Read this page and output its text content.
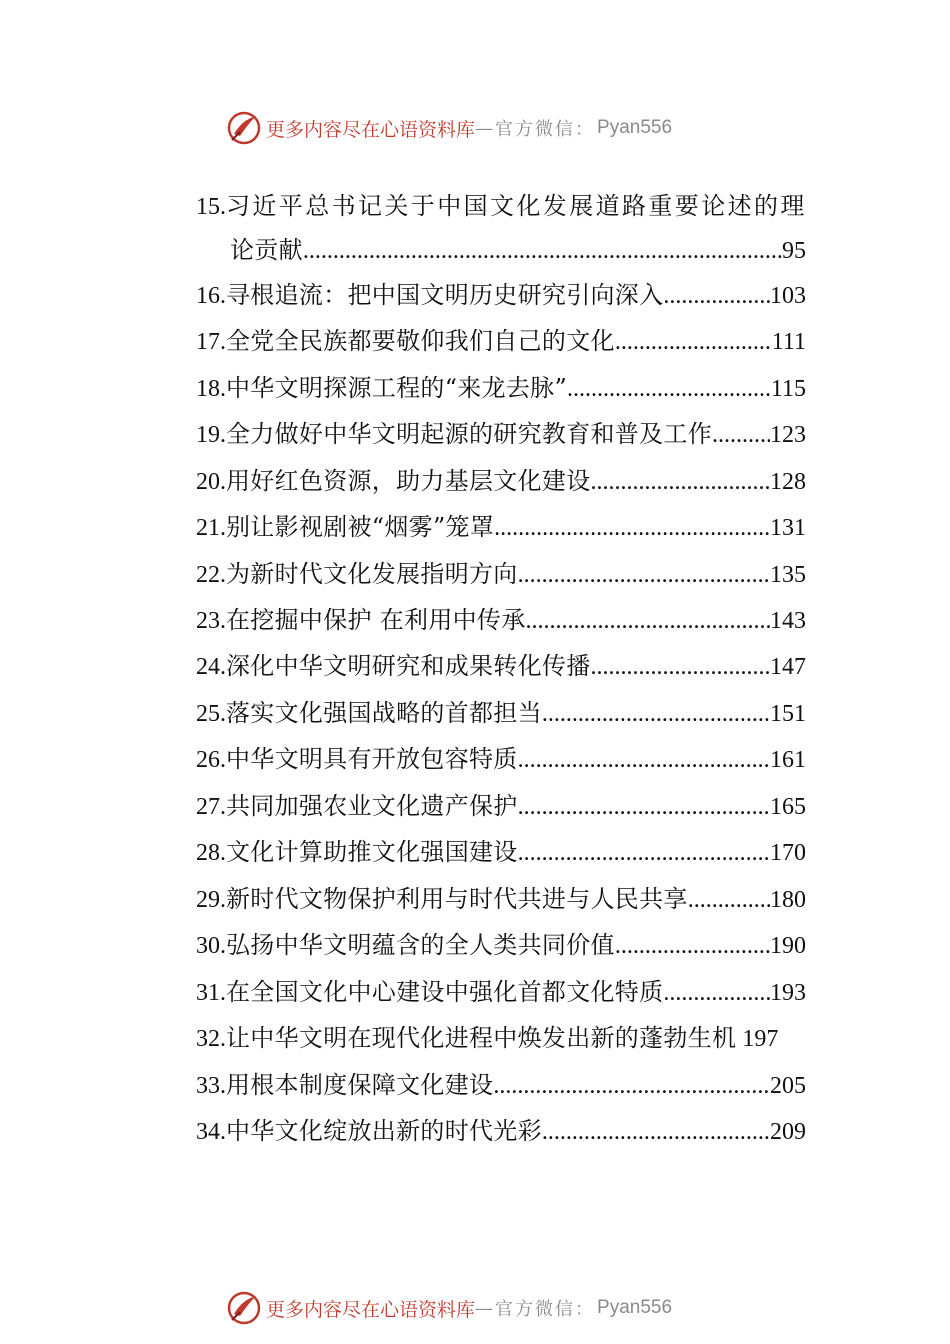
更多内容尽在心语资料库 — 官方微信： Pyan556
15. 习近平总书记关于中国文化发展道路重要论述的理
论贡献 .....	95
16. 寻根追流：把中国文明历史研究引向深入 .....	103
17. 全党全民族都要敬仰我们自己的文化 .....	111
18. 中华文明探源工程的“来龙去脉” .....	115
19. 全力做好中华文明起源的研究教育和普及工作 ..... 123
20. 用好红色资源，助力基层文化建设 .....	128
21. 别让影视剧被“烟雾”笼罩 .....	131
22. 为新时代文化发展指明方向 .....	135
23. 在挖掘中保护 在利用中传承 .....	143
24. 深化中华文明研究和成果转化传播 .....	147
25. 落实文化强国战略的首都担当 .....	151
26. 中华文明具有开放包容特质 .....	161
27. 共同加强农业文化遗产保护 .....	165
28. 文化计算助推文化强国建设 .....	170
29. 新时代文物保护利用与时代共进与人民共享 .....	180
30. 弘扬中华文明蕴含的全人类共同价值 .....	190
31. 在全国文化中心建设中强化首都文化特质 .....	193
32. 让中华文明在现代化进程中焕发出新的蓬勃生机 197
33. 用根本制度保障文化建设 .....	205
34. 中华文化绽放出新的时代光彩 .....	209
更多内容尽在心语资料库 — 官方微信： Pyan556
